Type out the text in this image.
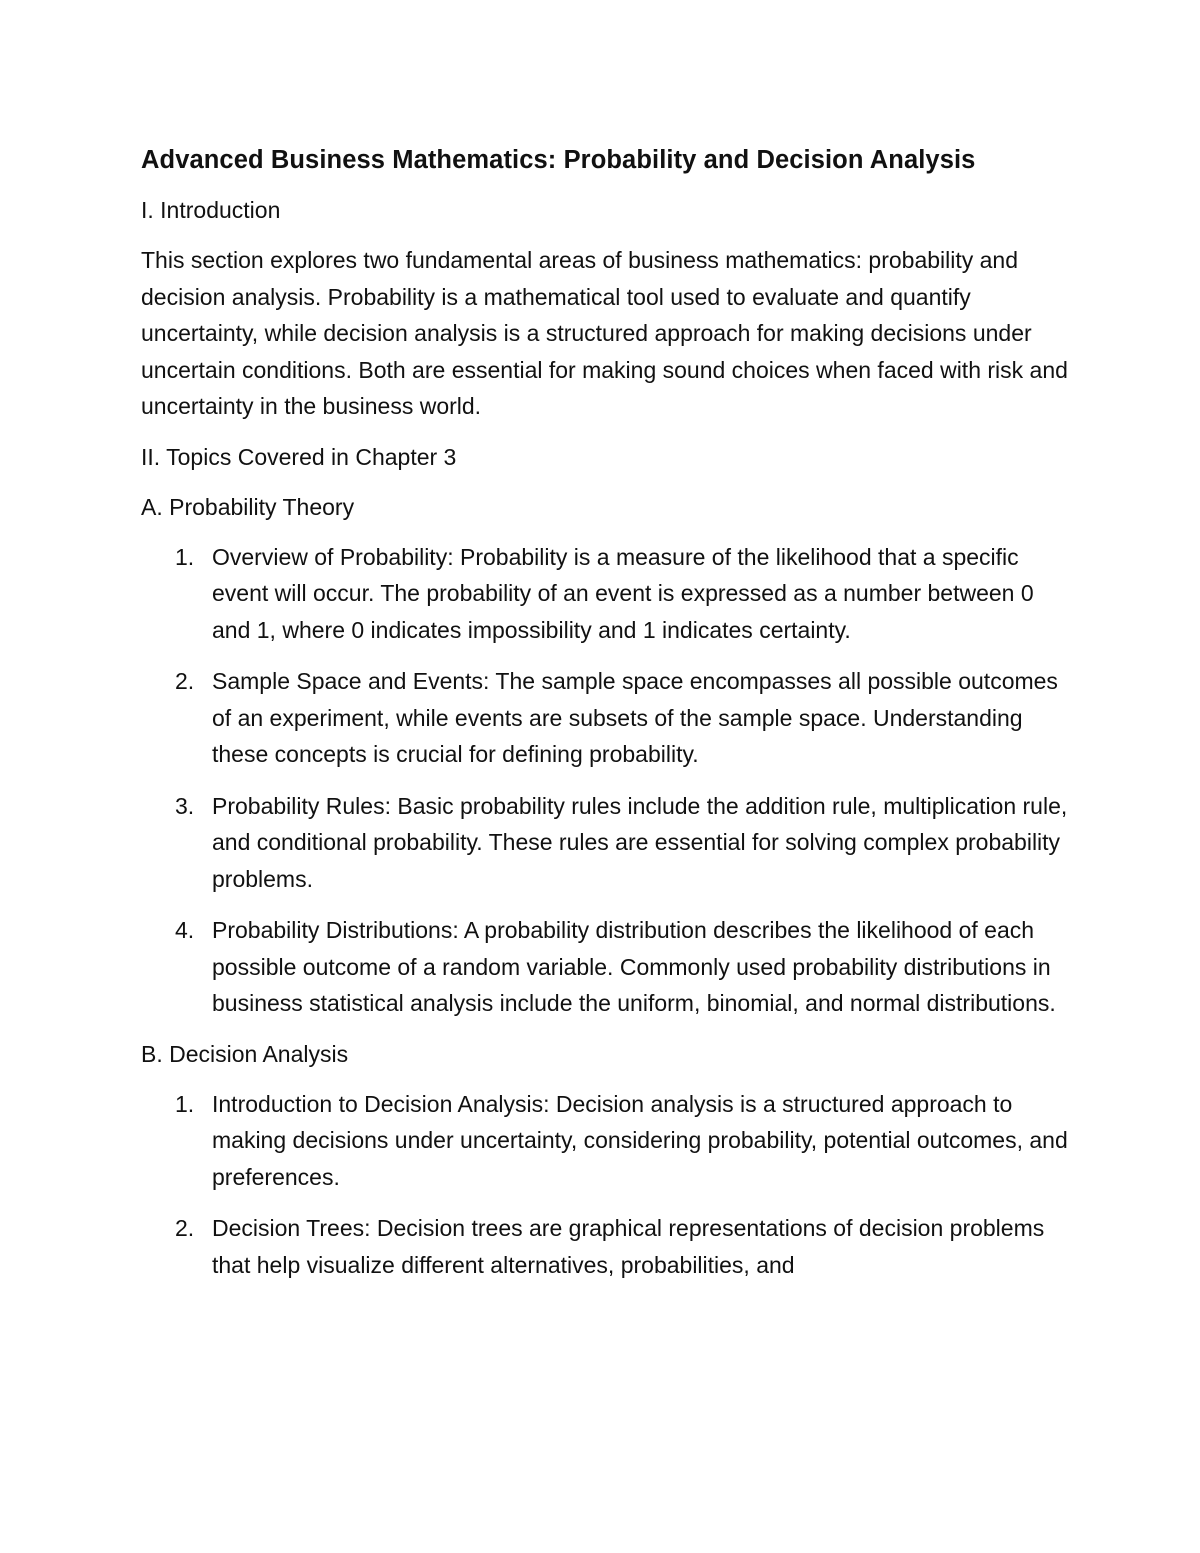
Advanced Business Mathematics: Probability and Decision Analysis

I. Introduction

This section explores two fundamental areas of business mathematics: probability and decision analysis. Probability is a mathematical tool used to evaluate and quantify uncertainty, while decision analysis is a structured approach for making decisions under uncertain conditions. Both are essential for making sound choices when faced with risk and uncertainty in the business world.

II. Topics Covered in Chapter 3

A. Probability Theory

1. Overview of Probability: Probability is a measure of the likelihood that a specific event will occur. The probability of an event is expressed as a number between 0 and 1, where 0 indicates impossibility and 1 indicates certainty.
2. Sample Space and Events: The sample space encompasses all possible outcomes of an experiment, while events are subsets of the sample space. Understanding these concepts is crucial for defining probability.
3. Probability Rules: Basic probability rules include the addition rule, multiplication rule, and conditional probability. These rules are essential for solving complex probability problems.
4. Probability Distributions: A probability distribution describes the likelihood of each possible outcome of a random variable. Commonly used probability distributions in business statistical analysis include the uniform, binomial, and normal distributions.

B. Decision Analysis

1. Introduction to Decision Analysis: Decision analysis is a structured approach to making decisions under uncertainty, considering probability, potential outcomes, and preferences.
2. Decision Trees: Decision trees are graphical representations of decision problems that help visualize different alternatives, probabilities, and
